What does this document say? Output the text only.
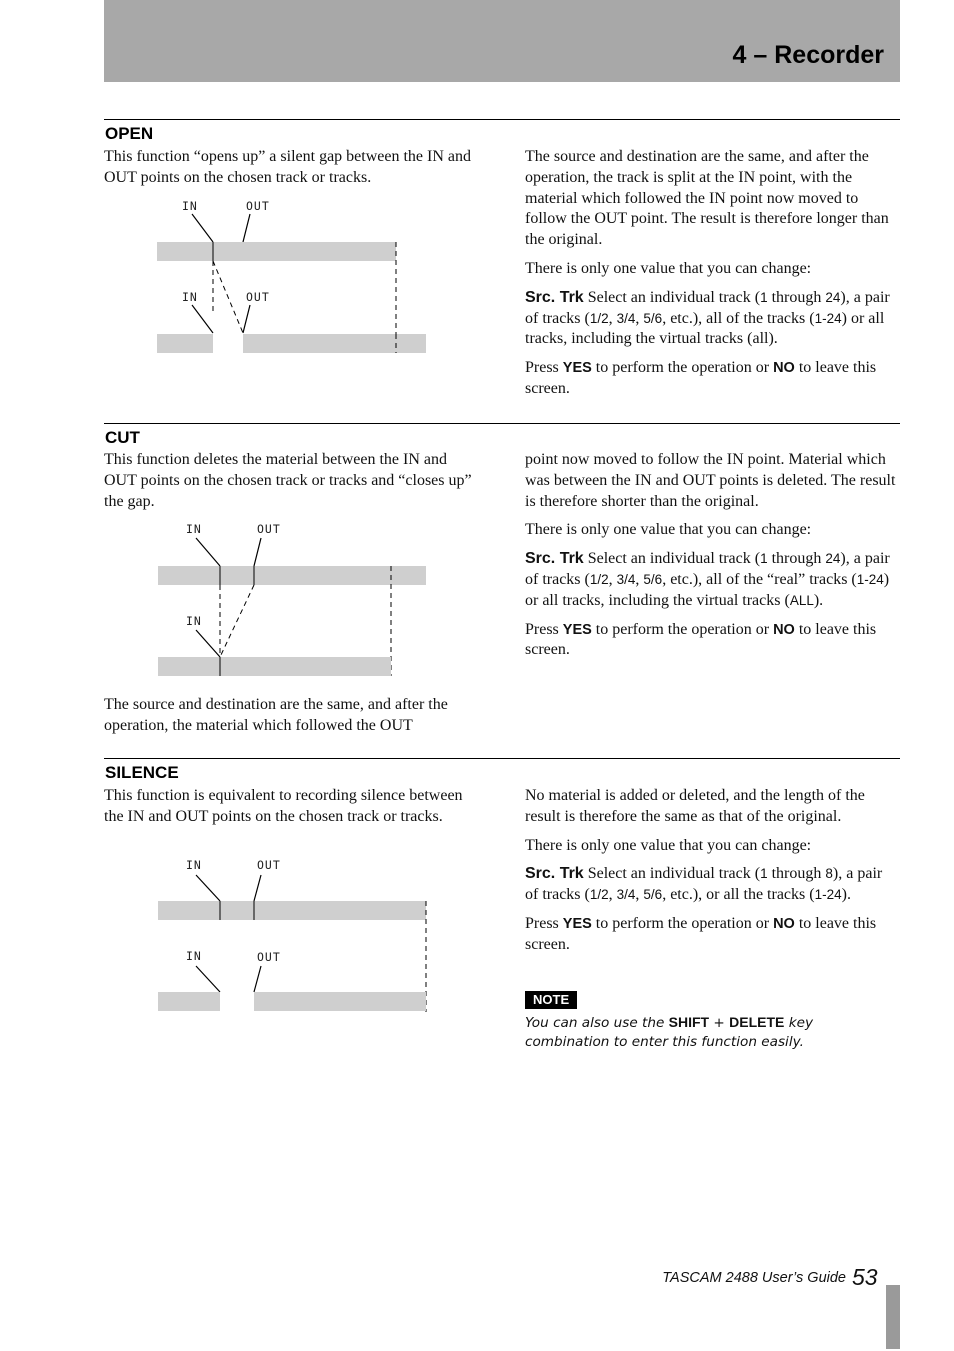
4 – Recorder
OPEN

This function “opens up” a silent gap between the IN and OUT points on the chosen track or tracks.

IN	OUT
IN	OUT

The source and destination are the same, and after the operation, the track is split at the IN point, with the material which followed the IN point now moved to follow the OUT point. The result is therefore longer than the original.

There is only one value that you can change:

Src. Trk Select an individual track (1 through 24), a pair of tracks (1/2, 3/4, 5/6, etc.), all of the tracks (1-24) or all tracks, including the virtual tracks (all).

Press YES to perform the operation or NO to leave this screen.

CUT

This function deletes the material between the IN and OUT points on the chosen track or tracks and “closes up” the gap.

IN	OUT
IN

The source and destination are the same, and after the operation, the material which followed the OUT

point now moved to follow the IN point. Material which was between the IN and OUT points is deleted. The result is therefore shorter than the original.

There is only one value that you can change:

Src. Trk Select an individual track (1 through 24), a pair of tracks (1/2, 3/4, 5/6, etc.), all of the “real” tracks (1-24) or all tracks, including the virtual tracks (ALL).

Press YES to perform the operation or NO to leave this screen.

SILENCE

This function is equivalent to recording silence between the IN and OUT points on the chosen track or tracks.

IN	OUT
IN	OUT

No material is added or deleted, and the length of the result is therefore the same as that of the original.

There is only one value that you can change:

Src. Trk Select an individual track (1 through 8), a pair of tracks (1/2, 3/4, 5/6, etc.), or all the tracks (1-24).

Press YES to perform the operation or NO to leave this screen.

NOTE

You can also use the SHIFT + DELETE key combination to enter this function easily.

TASCAM 2488 User’s Guide 53
